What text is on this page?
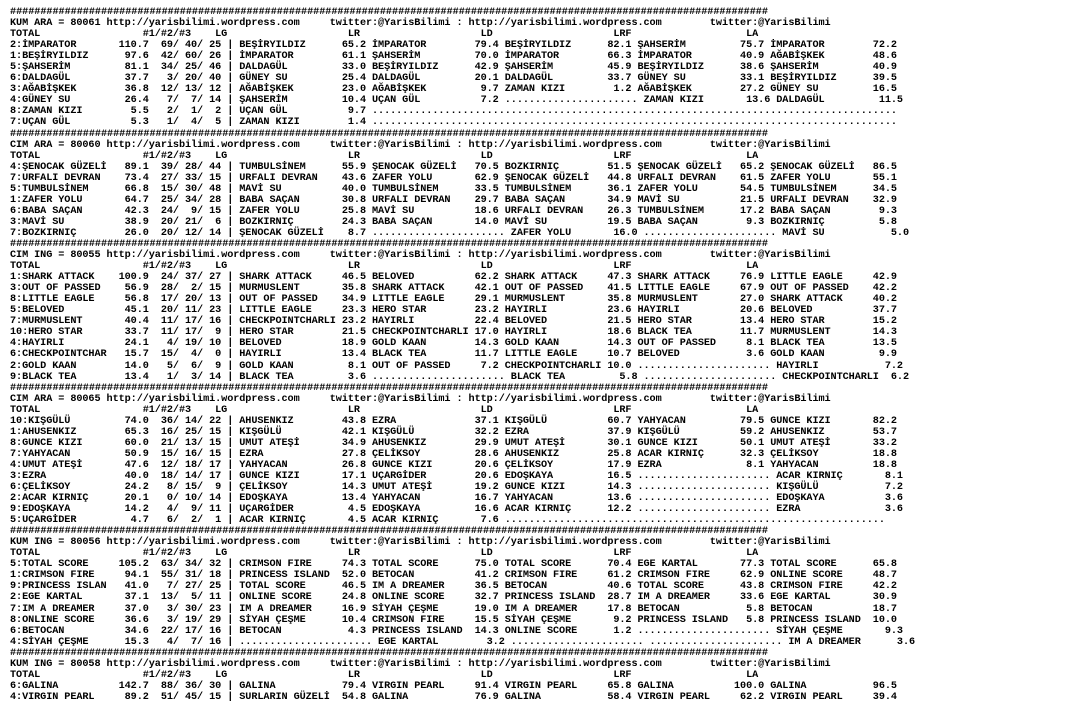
#############################################################################################################################
KUM ARA = 80061 http://yarisbilimi.wordpress.com     twitter:@YarisBilimi : http://yarisbilimi.wordpress.com        twitter:@YarisBilimi
TOTAL                 #1/#2/#3    LG                    LR                    LD                    LRF                   LA
2:İMPARATOR       110.7  69/ 40/ 25 | BEŞİRYILDIZ      65.2 İMPARATOR        79.4 BEŞİRYILDIZ      82.1 ŞAHSERİM         75.7 İMPARATOR        72.2
1:BEŞİRYILDIZ      97.6  42/ 60/ 26 | İMPARATOR        61.1 ŞAHSERİM         70.0 İMPARATOR        66.3 İMPARATOR        40.9 AĞABİŞKEK        48.6
5:ŞAHSERİM         81.1  34/ 25/ 46 | DALDAGÜL         33.0 BEŞİRYILDIZ      42.9 ŞAHSERİM         45.9 BEŞİRYILDIZ      38.6 ŞAHSERİM         40.9
6:DALDAGÜL         37.7   3/ 20/ 40 | GÜNEY SU         25.4 DALDAGÜL         20.1 DALDAGÜL         33.7 GÜNEY SU         33.1 BEŞİRYILDIZ      39.5
3:AĞABİŞKEK        36.8  12/ 13/ 12 | AĞABİŞKEK        23.0 AĞABİŞKEK         9.7 ZAMAN KIZI        1.2 AĞABİŞKEK        27.2 GÜNEY SU         16.5
4:GÜNEY SU         26.4   7/  7/ 14 | ŞAHSERİM         10.4 UÇAN GÜL          7.2 ...................... ZAMAN KIZI       13.6 DALDAGÜL         11.5
8:ZAMAN KIZI        5.5   2/  1/  2 | UÇAN GÜL          9.7 .......................................................................................
7:UÇAN GÜL          5.3   1/  4/  5 | ZAMAN KIZI        1.4 .......................................................................................
#############################################################################################################################
CIM ARA = 80060 http://yarisbilimi.wordpress.com     twitter:@YarisBilimi : http://yarisbilimi.wordpress.com        twitter:@YarisBilimi
TOTAL                 #1/#2/#3    LG                    LR                    LD                    LRF                   LA
4:ŞENOCAK GÜZELİ   89.1  39/ 28/ 44 | TUMBULSİNEM      55.9 ŞENOCAK GÜZELİ   70.5 BOZKIRNIÇ        51.5 ŞENOCAK GÜZELİ   65.2 ŞENOCAK GÜZELİ   86.5
7:URFALI DEVRAN    73.4  27/ 33/ 15 | URFALI DEVRAN    43.6 ZAFER YOLU       62.9 ŞENOCAK GÜZELİ   44.8 URFALI DEVRAN    61.5 ZAFER YOLU       55.1
5:TUMBULSİNEM      66.8  15/ 30/ 48 | MAVİ SU          40.0 TUMBULSİNEM      33.5 TUMBULSİNEM      36.1 ZAFER YOLU       54.5 TUMBULSİNEM      34.5
1:ZAFER YOLU       64.7  25/ 34/ 28 | BABA SAÇAN       30.8 URFALI DEVRAN    29.7 BABA SAÇAN       34.9 MAVİ SU          21.5 URFALI DEVRAN    32.9
6:BABA SAÇAN       42.3  24/  9/ 15 | ZAFER YOLU       25.8 MAVİ SU          18.6 URFALI DEVRAN    26.3 TUMBULSİNEM      17.2 BABA SAÇAN        9.3
3:MAVİ SU          38.9  20/ 21/  6 | BOZKIRNIÇ        24.3 BABA SAÇAN       14.0 MAVİ SU          19.5 BABA SAÇAN        9.3 BOZKIRNIÇ         5.8
7:BOZKIRNIÇ        26.0  20/ 12/ 14 | ŞENOCAK GÜZELİ    8.7 ...................... ZAFER YOLU       16.0 ...................... MAVİ SU           5.0
#############################################################################################################################
CIM ING = 80055 http://yarisbilimi.wordpress.com     twitter:@YarisBilimi : http://yarisbilimi.wordpress.com        twitter:@YarisBilimi
TOTAL                 #1/#2/#3    LG                    LR                    LD                    LRF                   LA
1:SHARK ATTACK    100.9  24/ 37/ 27 | SHARK ATTACK     46.5 BELOVED          62.2 SHARK ATTACK     47.3 SHARK ATTACK     76.9 LITTLE EAGLE     42.9
3:OUT OF PASSED    56.9  28/  2/ 15 | MURMUSLENT       35.8 SHARK ATTACK     42.1 OUT OF PASSED    41.5 LITTLE EAGLE     67.9 OUT OF PASSED    42.2
8:LITTLE EAGLE     56.8  17/ 20/ 13 | OUT OF PASSED    34.9 LITTLE EAGLE     29.1 MURMUSLENT       35.8 MURMUSLENT       27.0 SHARK ATTACK     40.2
5:BELOVED          45.1  20/ 11/ 23 | LITTLE EAGLE     23.3 HERO STAR        23.2 HAYIRLI          23.6 HAYIRLI          20.6 BELOVED          37.7
7:MURMUSLENT       40.4  11/ 17/ 16 | CHECKPOINTCHARLI 23.2 HAYIRLI          22.4 BELOVED          21.5 HERO STAR        13.4 HERO STAR        15.2
10:HERO STAR       33.7  11/ 17/  9 | HERO STAR        21.5 CHECKPOINTCHARLI 17.0 HAYIRLI          18.6 BLACK TEA        11.7 MURMUSLENT       14.3
4:HAYIRLI          24.1   4/ 19/ 10 | BELOVED          18.9 GOLD KAAN        14.3 GOLD KAAN        14.3 OUT OF PASSED     8.1 BLACK TEA        13.5
6:CHECKPOINTCHAR   15.7  15/  4/  0 | HAYIRLI          13.4 BLACK TEA        11.7 LITTLE EAGLE     10.7 BELOVED           3.6 GOLD KAAN         9.9
2:GOLD KAAN        14.0   5/  6/  9 | GOLD KAAN         8.1 OUT OF PASSED     7.2 CHECKPOINTCHARLI 10.0 ...................... HAYIRLI           7.2
9:BLACK TEA        13.4   1/  3/ 14 | BLACK TEA         3.6 ...................... BLACK TEA         5.8 ...................... CHECKPOINTCHARLI  6.2
#############################################################################################################################
CIM ARA = 80065 http://yarisbilimi.wordpress.com     twitter:@YarisBilimi : http://yarisbilimi.wordpress.com        twitter:@YarisBilimi
TOTAL                 #1/#2/#3    LG                    LR                    LD                    LRF                   LA
10:KIŞGÜLÜ         74.0  36/ 14/ 22 | AHUSENKIZ        43.8 EZRA             37.1 KIŞGÜLÜ          60.7 YAHYACAN         79.5 GUNCE KIZI       82.2
1:AHUSENKIZ        65.3  16/ 25/ 15 | KIŞGÜLÜ          42.1 KIŞGÜLÜ          32.2 EZRA             37.9 KIŞGÜLÜ          59.2 AHUSENKIZ        53.7
8:GUNCE KIZI       60.0  21/ 13/ 15 | UMUT ATEŞİ       34.9 AHUSENKIZ        29.9 UMUT ATEŞİ       30.1 GUNCE KIZI       50.1 UMUT ATEŞİ       33.2
7:YAHYACAN         50.9  15/ 16/ 15 | EZRA             27.8 ÇELİKSOY         28.6 AHUSENKIZ        25.8 ACAR KIRNIÇ      32.3 ÇELİKSOY         18.8
4:UMUT ATEŞİ       47.6  12/ 18/ 17 | YAHYACAN         26.8 GUNCE KIZI       20.6 ÇELİKSOY         17.9 EZRA              8.1 YAHYACAN         18.8
3:EZRA             40.0  18/ 14/ 17 | GUNCE KIZI       17.1 UÇARGİDER        20.6 EDOŞKAYA         16.5 ...................... ACAR KIRNIÇ       8.1
6:ÇELİKSOY         24.2   8/ 15/  9 | ÇELİKSOY         14.3 UMUT ATEŞİ       19.2 GUNCE KIZI       14.3 ...................... KIŞGÜLÜ           7.2
2:ACAR KIRNIÇ      20.1   0/ 10/ 14 | EDOŞKAYA         13.4 YAHYACAN         16.7 YAHYACAN         13.6 ...................... EDOŞKAYA          3.6
9:EDOŞKAYA         14.2   4/  9/ 11 | UÇARGİDER         4.5 EDOŞKAYA         16.6 ACAR KIRNIÇ      12.2 ...................... EZRA              3.6
5:UÇARGİDER         4.7   6/  2/  1 | ACAR KIRNIÇ       4.5 ACAR KIRNIÇ       7.6 ...............................................................
#############################################################################################################################
KUM ING = 80056 http://yarisbilimi.wordpress.com     twitter:@YarisBilimi : http://yarisbilimi.wordpress.com        twitter:@YarisBilimi
TOTAL                 #1/#2/#3    LG                    LR                    LD                    LRF                   LA
5:TOTAL SCORE     105.2  63/ 34/ 32 | CRIMSON FIRE     74.3 TOTAL SCORE      75.0 TOTAL SCORE      70.4 EGE KARTAL       77.3 TOTAL SCORE      65.8
1:CRIMSON FIRE     94.1  55/ 31/ 18 | PRINCESS ISLAND  52.0 BETOCAN          41.2 CRIMSON FIRE     61.2 CRIMSON FIRE     62.9 ONLINE SCORE     48.7
9:PRINCESS ISLAN   41.0   7/ 27/ 25 | TOTAL SCORE      46.5 IM A DREAMER     36.5 BETOCAN          40.6 TOTAL SCORE      43.8 CRIMSON FIRE     42.2
2:EGE KARTAL       37.1  13/  5/ 11 | ONLINE SCORE     24.8 ONLINE SCORE     32.7 PRINCESS ISLAND  28.7 IM A DREAMER     33.6 EGE KARTAL       30.9
7:IM A DREAMER     37.0   3/ 30/ 23 | IM A DREAMER     16.9 SİYAH ÇEŞME      19.0 IM A DREAMER     17.8 BETOCAN           5.8 BETOCAN          18.7
8:ONLINE SCORE     36.6   3/ 19/ 29 | SİYAH ÇEŞME      10.4 CRIMSON FIRE     15.5 SİYAH ÇEŞME       9.2 PRINCESS ISLAND   5.8 PRINCESS ISLAND  10.0
6:BETOCAN          34.6  22/ 17/ 16 | BETOCAN           4.3 PRINCESS ISLAND  14.3 ONLINE SCORE      1.2 ...................... SİYAH ÇEŞME       9.3
4:SİYAH ÇEŞME      15.3   4/  7/ 16 | ...................... EGE KARTAL        3.2 ...................... ...................... IM A DREAMER      3.6
#############################################################################################################################
KUM ING = 80058 http://yarisbilimi.wordpress.com     twitter:@YarisBilimi : http://yarisbilimi.wordpress.com        twitter:@YarisBilimi
TOTAL                 #1/#2/#3    LG                    LR                    LD                    LRF                   LA
6:GALINA          142.7  88/ 36/ 30 | GALINA           79.4 VIRGIN PEARL     91.4 VIRGIN PEARL     65.8 GALINA          100.0 GALINA           96.5
4:VIRGIN PEARL     89.2  51/ 45/ 15 | SURLARIN GÜZELİ  54.8 GALINA           76.9 GALINA           58.4 VIRGIN PEARL     62.2 VIRGIN PEARL     39.4
